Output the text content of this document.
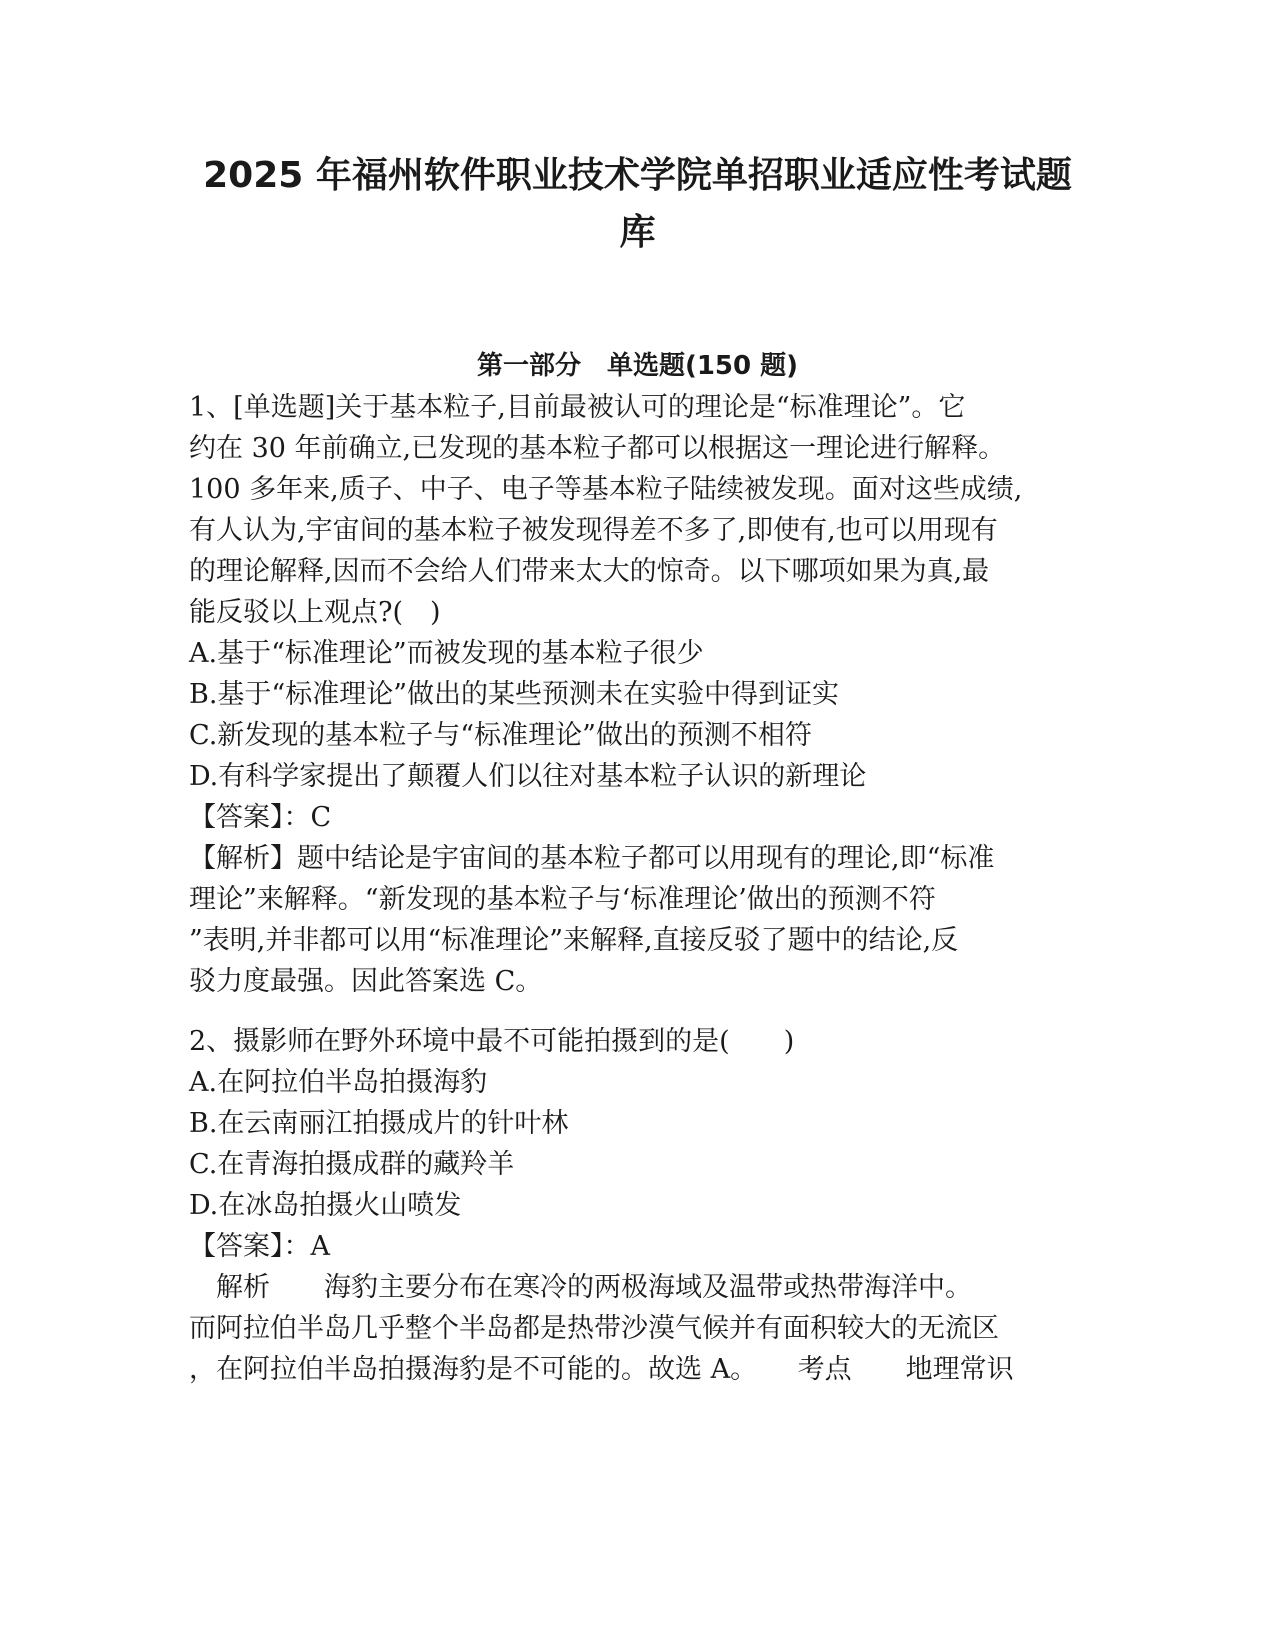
2025 年福州软件职业技术学院单招职业适应性考试题
库
第一部分　单选题(150 题)
1、[单选题]关于基本粒子,目前最被认可的理论是“标准理论”。它
约在 30 年前确立,已发现的基本粒子都可以根据这一理论进行解释。
100 多年来,质子、中子、电子等基本粒子陆续被发现。面对这些成绩,
有人认为,宇宙间的基本粒子被发现得差不多了,即使有,也可以用现有
的理论解释,因而不会给人们带来太大的惊奇。以下哪项如果为真,最
能反驳以上观点?(　)
A.基于“标准理论”而被发现的基本粒子很少
B.基于“标准理论”做出的某些预测未在实验中得到证实
C.新发现的基本粒子与“标准理论”做出的预测不相符
D.有科学家提出了颠覆人们以往对基本粒子认识的新理论
【答案】：C
【解析】题中结论是宇宙间的基本粒子都可以用现有的理论,即“标准
理论”来解释。“新发现的基本粒子与‘标准理论’做出的预测不符
”表明,并非都可以用“标准理论”来解释,直接反驳了题中的结论,反
驳力度最强。因此答案选 C。
2、摄影师在野外环境中最不可能拍摄到的是(　　)
A.在阿拉伯半岛拍摄海豹
B.在云南丽江拍摄成片的针叶林
C.在青海拍摄成群的藏羚羊
D.在冰岛拍摄火山喷发
【答案】：A
　解析　　海豹主要分布在寒冷的两极海域及温带或热带海洋中。
而阿拉伯半岛几乎整个半岛都是热带沙漠气候并有面积较大的无流区
，在阿拉伯半岛拍摄海豹是不可能的。故选 A。　　考点　　地理常识
